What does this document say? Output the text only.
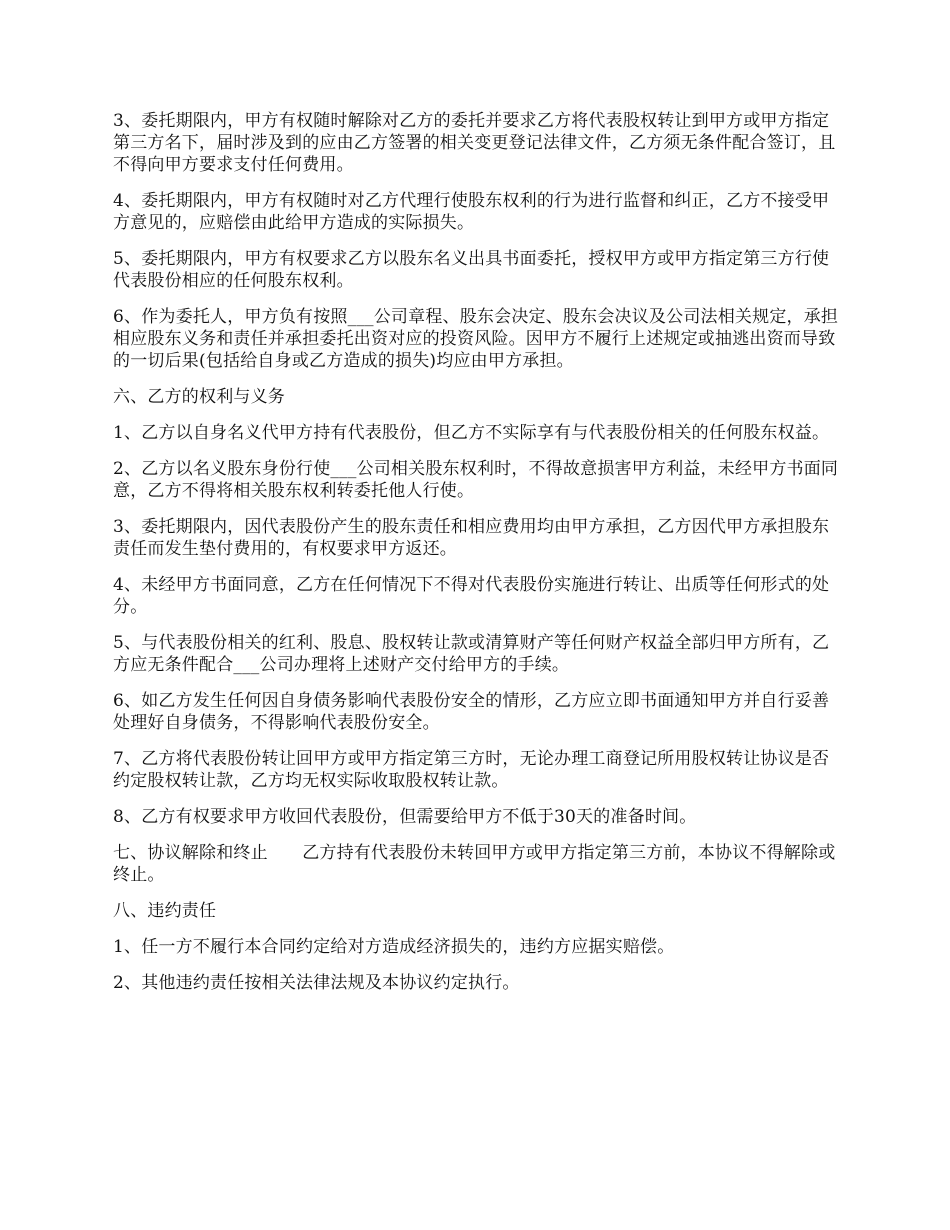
3、委托期限内，甲方有权随时解除对乙方的委托并要求乙方将代表股权转让到甲方或甲方指定第三方名下，届时涉及到的应由乙方签署的相关变更登记法律文件，乙方须无条件配合签订，且不得向甲方要求支付任何费用。

4、委托期限内，甲方有权随时对乙方代理行使股东权利的行为进行监督和纠正，乙方不接受甲方意见的，应赔偿由此给甲方造成的实际损失。

5、委托期限内，甲方有权要求乙方以股东名义出具书面委托，授权甲方或甲方指定第三方行使代表股份相应的任何股东权利。

6、作为委托人，甲方负有按照___公司章程、股东会决定、股东会决议及公司法相关规定，承担相应股东义务和责任并承担委托出资对应的投资风险。因甲方不履行上述规定或抽逃出资而导致的一切后果(包括给自身或乙方造成的损失)均应由甲方承担。

六、乙方的权利与义务

1、乙方以自身名义代甲方持有代表股份，但乙方不实际享有与代表股份相关的任何股东权益。

2、乙方以名义股东身份行使___公司相关股东权利时，不得故意损害甲方利益，未经甲方书面同意，乙方不得将相关股东权利转委托他人行使。

3、委托期限内，因代表股份产生的股东责任和相应费用均由甲方承担，乙方因代甲方承担股东责任而发生垫付费用的，有权要求甲方返还。

4、未经甲方书面同意，乙方在任何情况下不得对代表股份实施进行转让、出质等任何形式的处分。

5、与代表股份相关的红利、股息、股权转让款或清算财产等任何财产权益全部归甲方所有，乙方应无条件配合___公司办理将上述财产交付给甲方的手续。

6、如乙方发生任何因自身债务影响代表股份安全的情形，乙方应立即书面通知甲方并自行妥善处理好自身债务，不得影响代表股份安全。

7、乙方将代表股份转让回甲方或甲方指定第三方时，无论办理工商登记所用股权转让协议是否约定股权转让款，乙方均无权实际收取股权转让款。

8、乙方有权要求甲方收回代表股份，但需要给甲方不低于30天的准备时间。

七、协议解除和终止　　乙方持有代表股份未转回甲方或甲方指定第三方前，本协议不得解除或终止。

八、违约责任

1、任一方不履行本合同约定给对方造成经济损失的，违约方应据实赔偿。

2、其他违约责任按相关法律法规及本协议约定执行。
